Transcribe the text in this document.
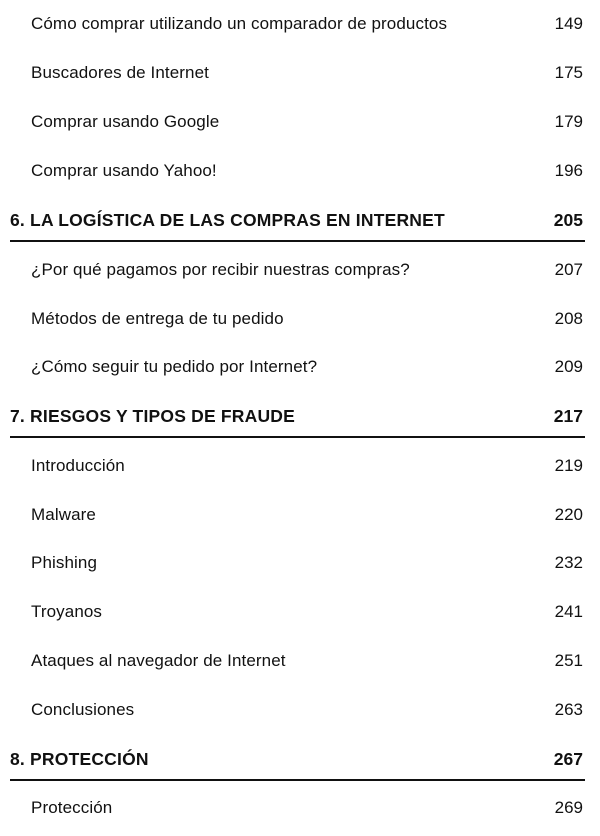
Cómo comprar utilizando un comparador de productos	149
Buscadores de Internet	175
Comprar usando Google	179
Comprar usando Yahoo!	196
6. LA LOGÍSTICA DE LAS COMPRAS EN INTERNET	205
¿Por qué pagamos por recibir nuestras compras?	207
Métodos de entrega de tu pedido	208
¿Cómo seguir tu pedido por Internet?	209
7. RIESGOS Y TIPOS DE FRAUDE	217
Introducción	219
Malware	220
Phishing	232
Troyanos	241
Ataques al navegador de Internet	251
Conclusiones	263
8. PROTECCIÓN	267
Protección	269
